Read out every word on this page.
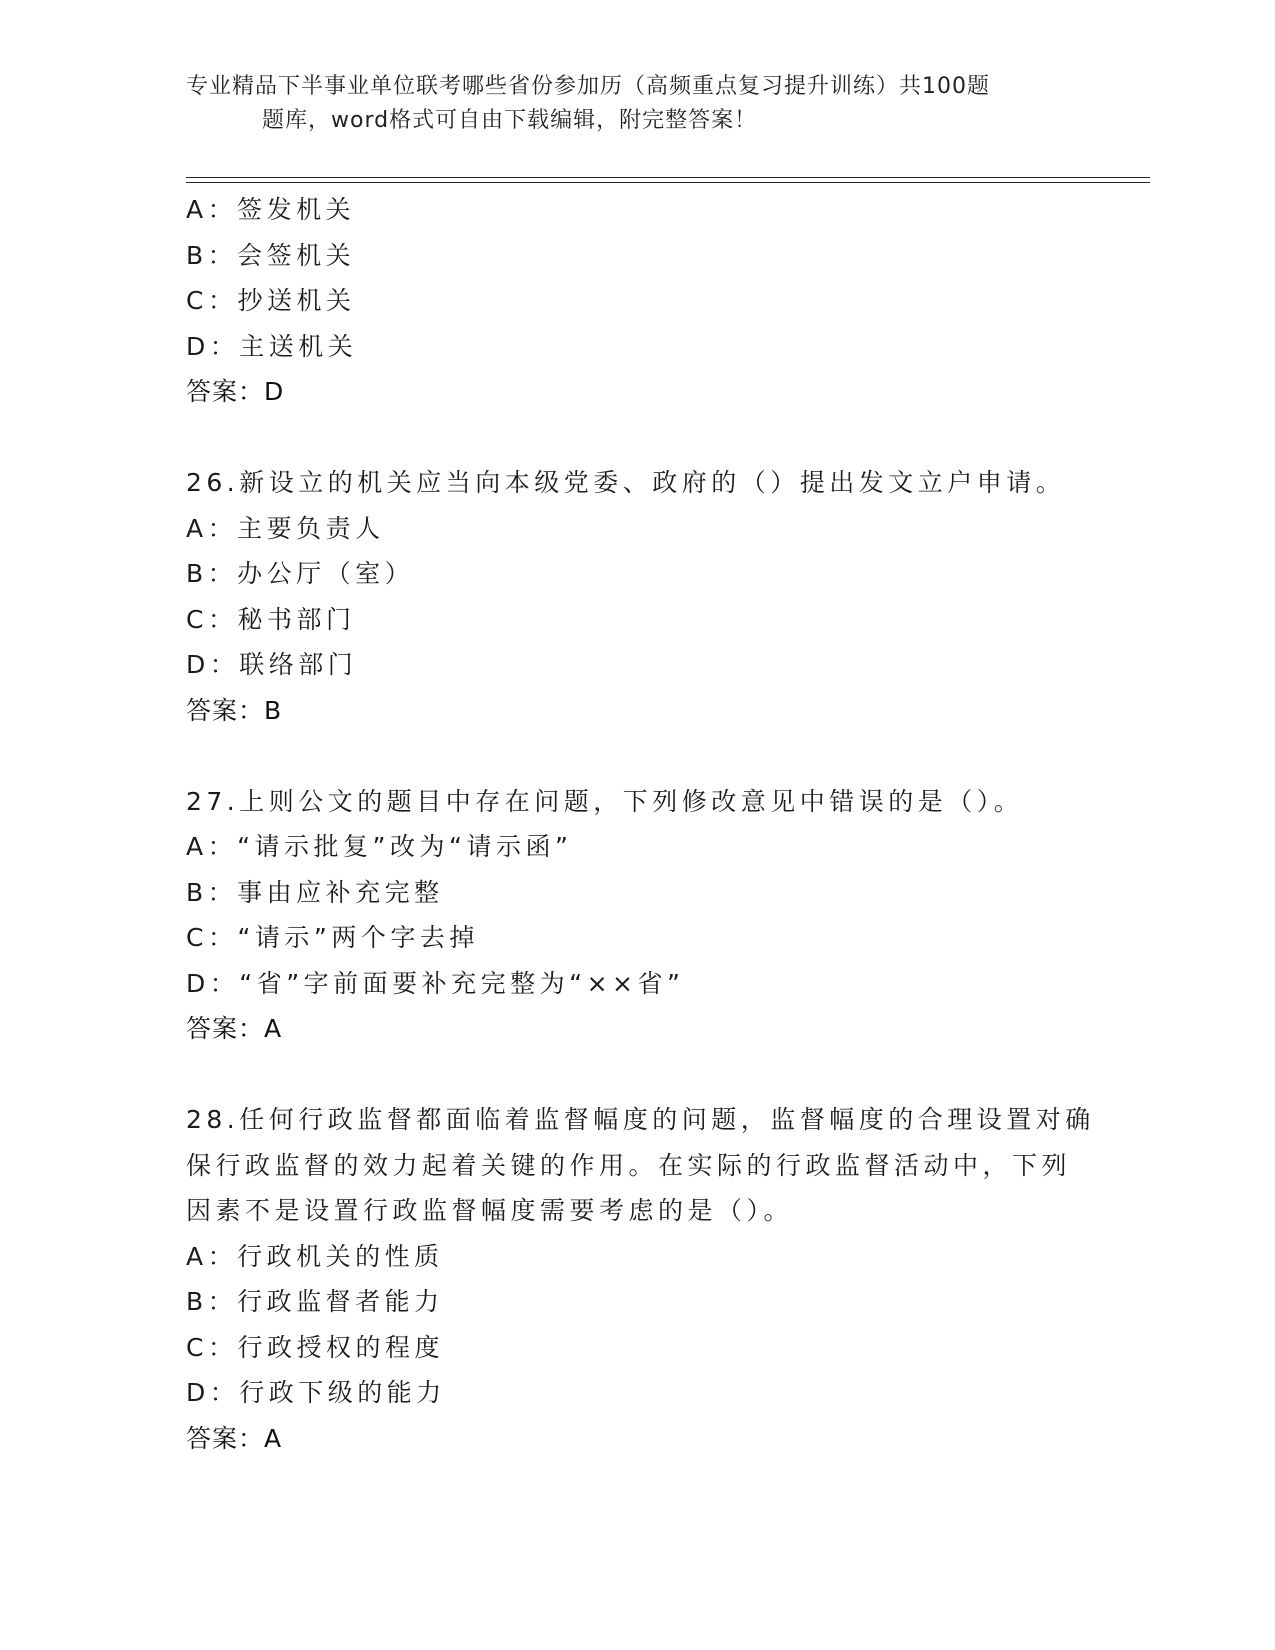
专业精品下半事业单位联考哪些省份参加历（高频重点复习提升训练）共100题
题库，word格式可自由下载编辑，附完整答案！
A：签发机关
B：会签机关
C：抄送机关
D：主送机关
答案：D
26.新设立的机关应当向本级党委、政府的（）提出发文立户申请。
A：主要负责人
B：办公厅（室）
C：秘书部门
D：联络部门
答案：B
27.上则公文的题目中存在问题，下列修改意见中错误的是（）。
A：“请示批复”改为“请示函”
B：事由应补充完整
C：“请示”两个字去掉
D：“省”字前面要补充完整为“××省”
答案：A
28.任何行政监督都面临着监督幅度的问题，监督幅度的合理设置对确
保行政监督的效力起着关键的作用。在实际的行政监督活动中，下列
因素不是设置行政监督幅度需要考虑的是（）。
A：行政机关的性质
B：行政监督者能力
C：行政授权的程度
D：行政下级的能力
答案：A
